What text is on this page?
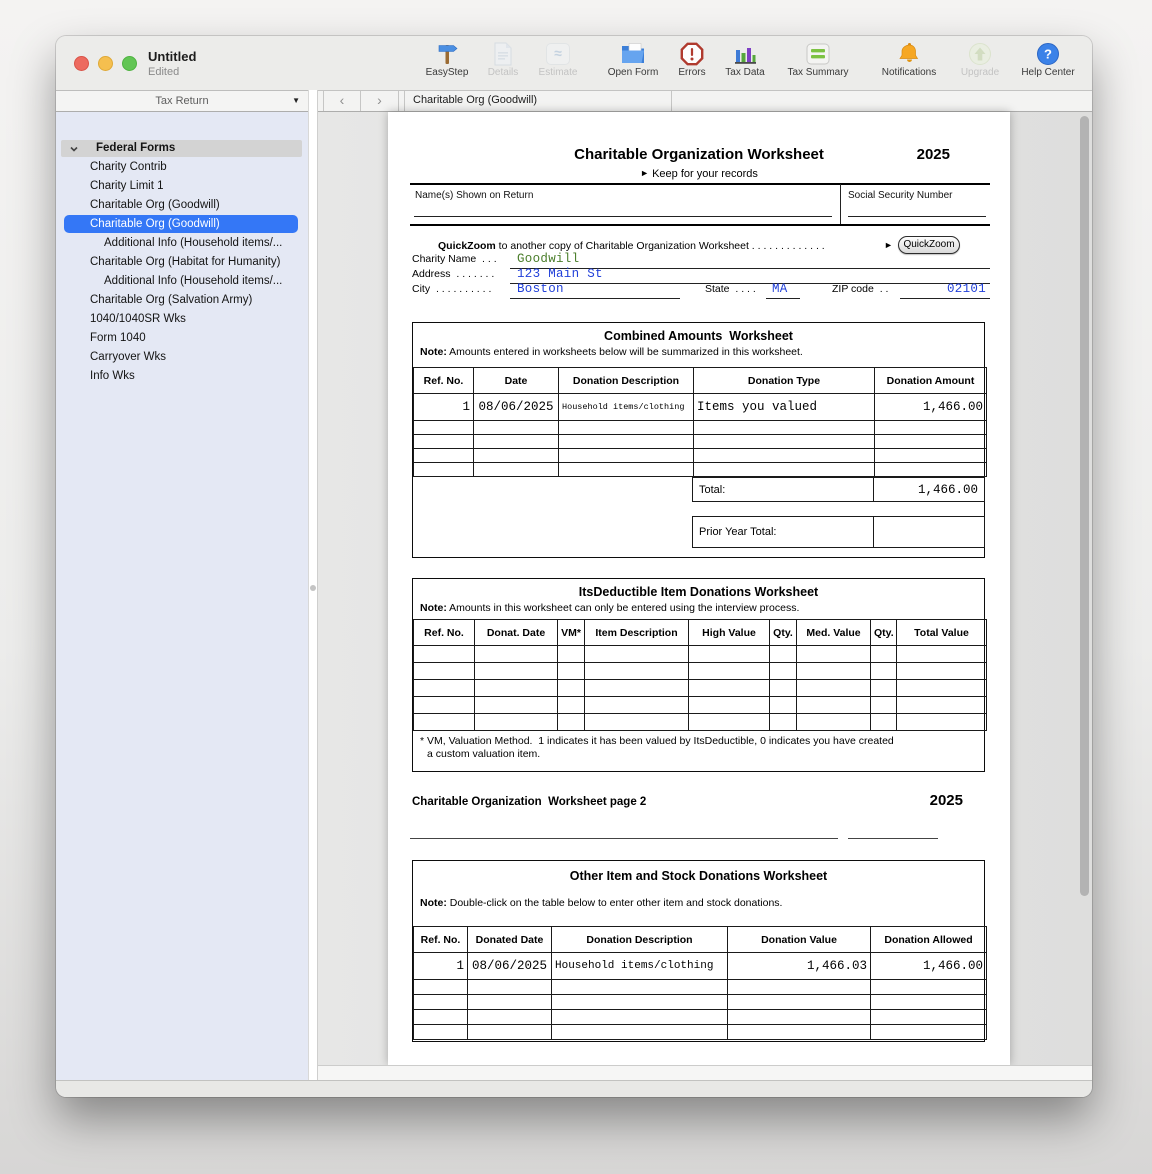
Untitled
Edited	EasyStep	Details
≈
Estimate	Open Form	Errors	Tax Data	Tax Summary	Notifications	Upgrade
?
Help Center
Tax Return	▼	‹	›	Charitable Org (Goodwill)
Federal Forms
Charity Contrib
Charity Limit 1
Charitable Org (Goodwill)
Charitable Org (Goodwill)
Additional Info (Household items/...
Charitable Org (Habitat for Humanity)
Additional Info (Household items/...
Charitable Org (Salvation Army)
1040/1040SR Wks
Form 1040
Carryover Wks
Info Wks
Charitable Organization Worksheet	2025
► Keep for your records
Name(s) Shown on Return	Social Security Number
QuickZoom to another copy of Charitable Organization Worksheet . . . . . . . . . . . . .	►	QuickZoom
Charity Name . . . Goodwill
Address . . . . . . . 123 Main St
City . . . . . . . . . . Boston	State . . . . MA	ZIP code . .	02101
Combined Amounts  Worksheet
Note: Amounts entered in worksheets below will be summarized in this worksheet.
Ref. No.	Date	Donation Description	Donation Type	Donation Amount
1	08/06/2025	Household items/clothing	Items you valued	1,466.00

Total:	1,466.00
Prior Year Total:	
ItsDeductible Item Donations Worksheet
Note: Amounts in this worksheet can only be entered using the interview process.
Ref. No.	Donat. Date	VM*	Item Description	High Value	Qty.	Med. Value	Qty.	Total Value

* VM, Valuation Method.  1 indicates it has been valued by ItsDeductible, 0 indicates you have created
a custom valuation item.
Charitable Organization  Worksheet page 2	2025
Other Item and Stock Donations Worksheet
Note: Double-click on the table below to enter other item and stock donations.
Ref. No.	Donated Date	Donation Description	Donation Value	Donation Allowed
1	08/06/2025	Household items/clothing	1,466.03	1,466.00
